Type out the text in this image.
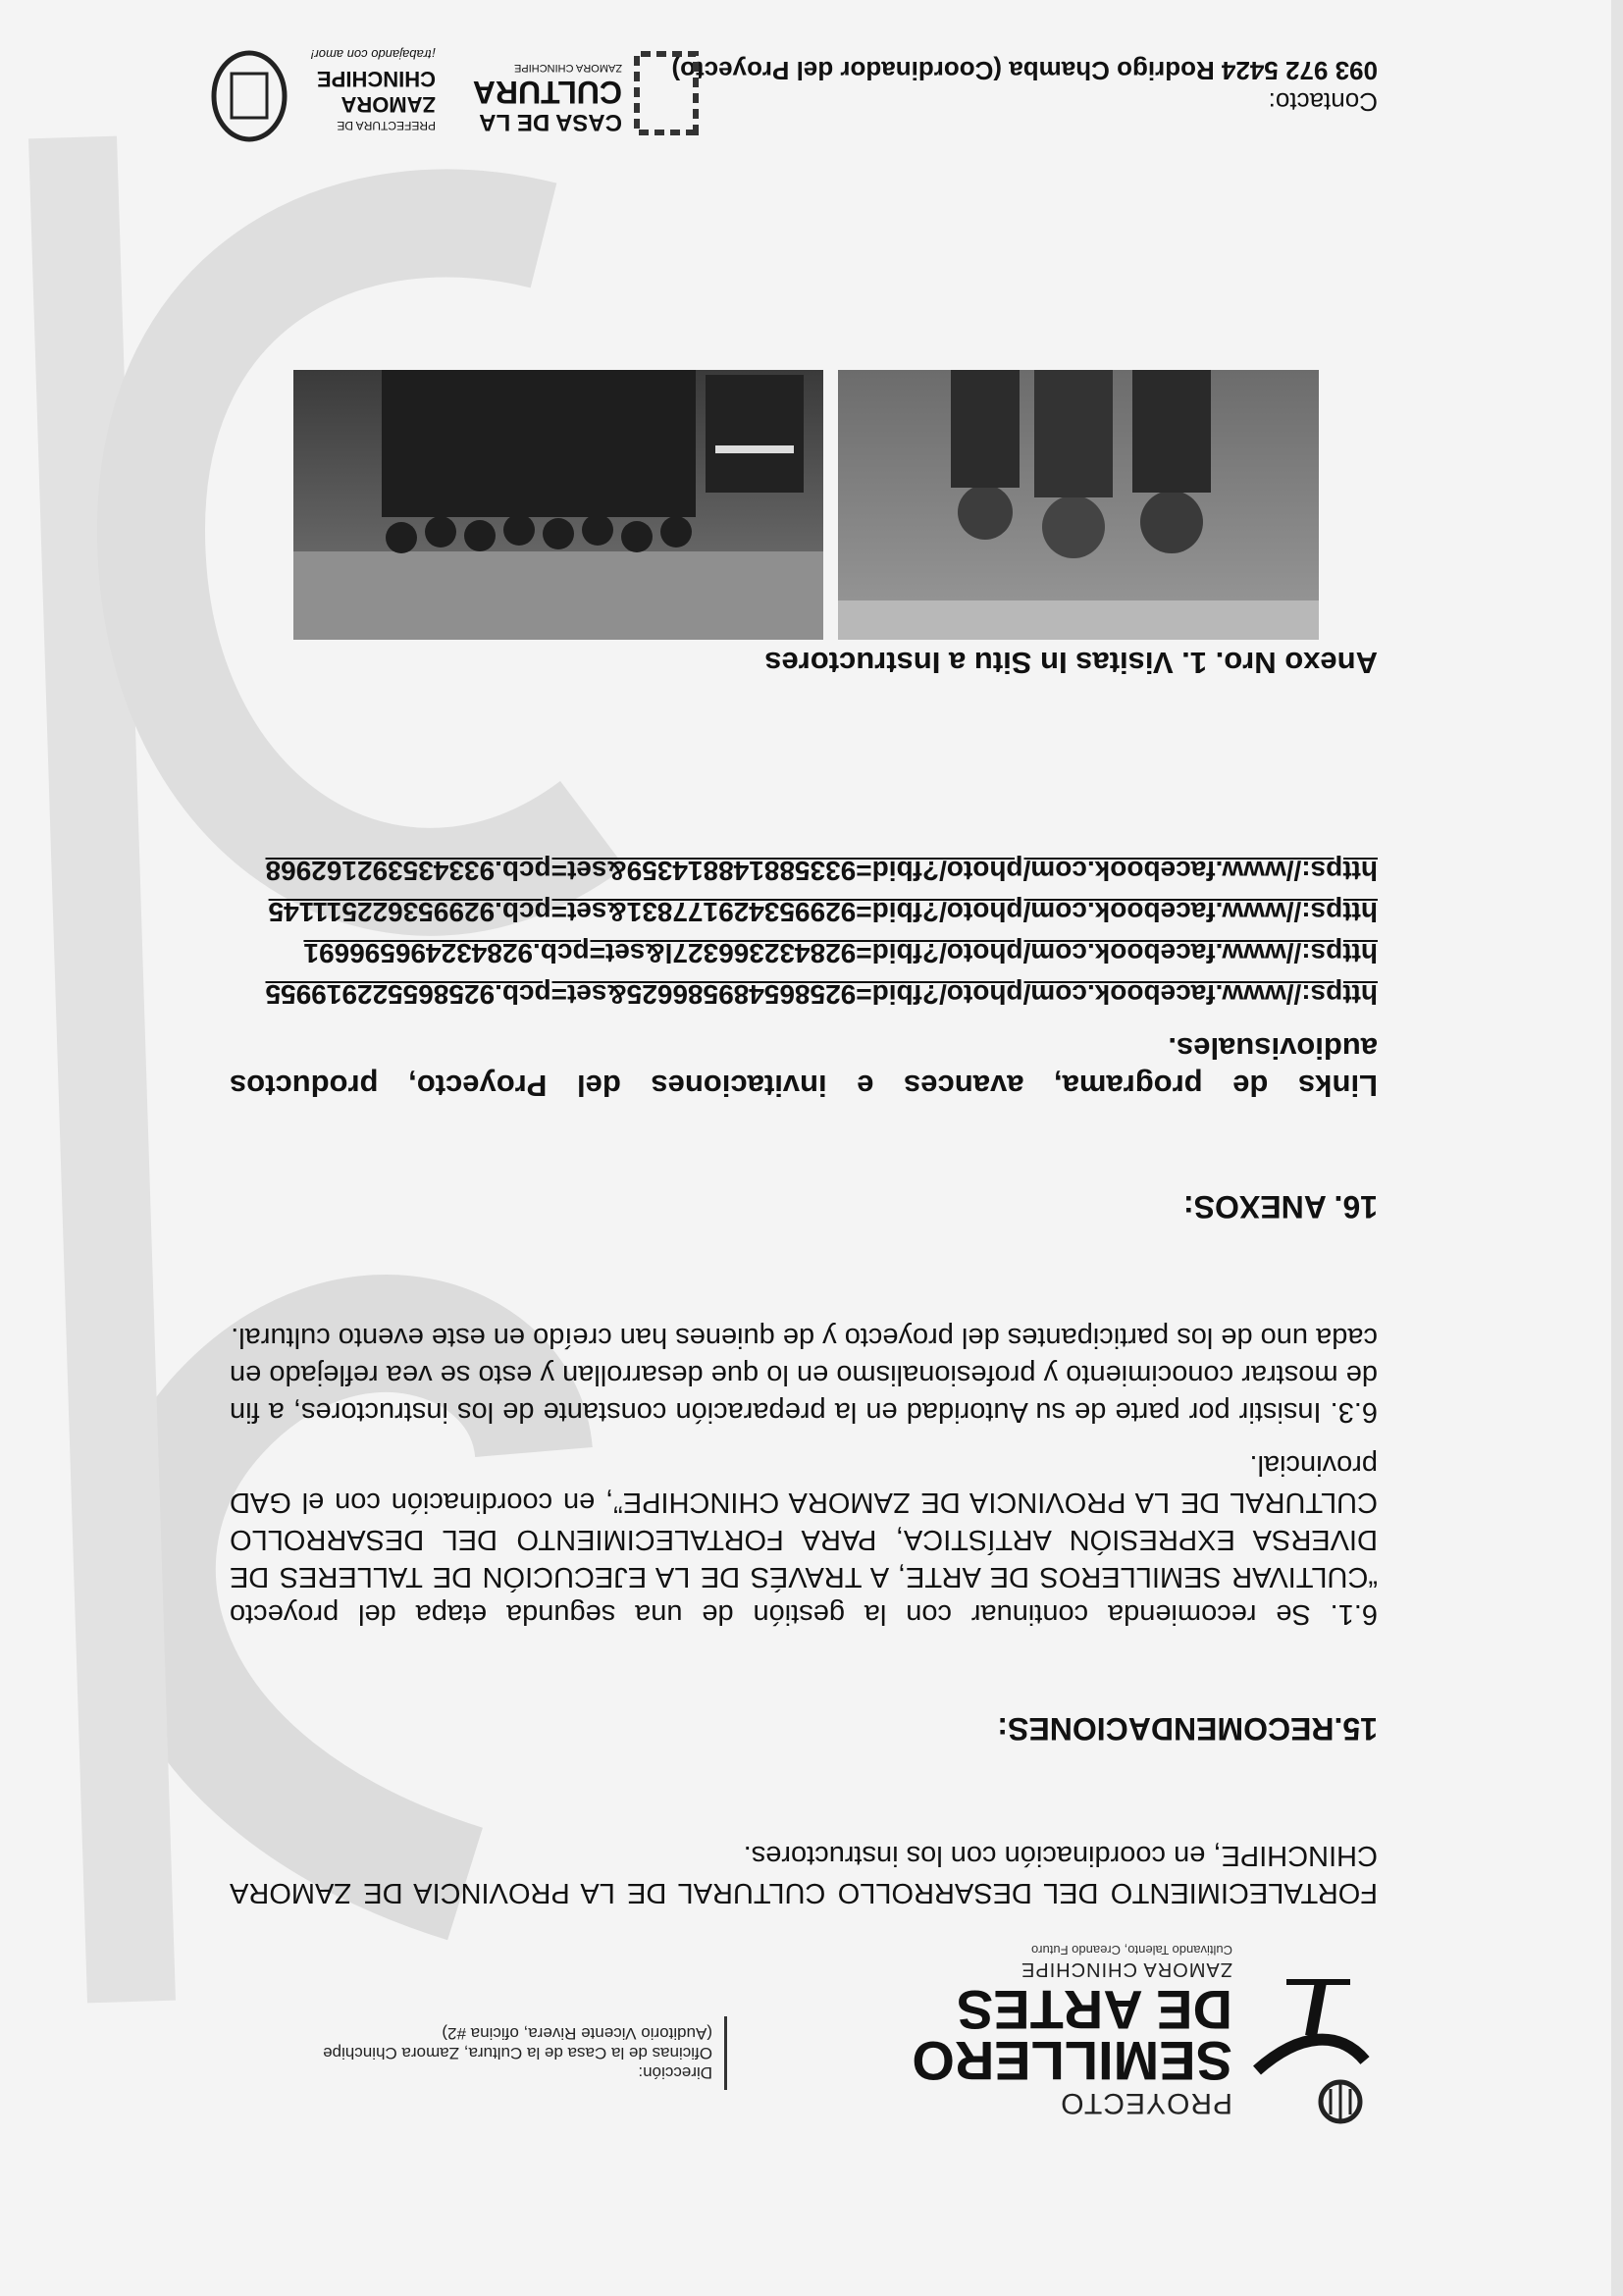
PROYECTO
SEMILLERO
DE ARTES
ZAMORA CHINCHIPE
Cultivando Talento, Creando Futuro
Dirección:
Oficinas de la Casa de la Cultura, Zamora Chinchipe
(Auditorio Vicente Rivera, oficina #2)

FORTALECIMIENTO DEL DESARROLLO CULTURAL DE LA PROVINCIA DE ZAMORA CHINCHIPE, en coordinación con los instructores.

15.RECOMENDACIONES:

6.1. Se recomienda continuar con la gestión de una segunda etapa del proyecto “CULTIVAR SEMILLEROS DE ARTE, A TRAVÉS DE LA EJECUCIÓN DE TALLERES DE DIVERSA EXPRESIÓN ARTÍSTICA, PARA FORTALECIMIENTO DEL DESARROLLO CULTURAL DE LA PROVINCIA DE ZAMORA CHINCHIPE”, en coordinación con el GAD provincial.

6.3. Insistir por parte de su Autoridad en la preparación constante de los instructores, a fin de mostrar conocimiento y profesionalismo en lo que desarrollan y esto se vea reflejado en cada uno de los participantes del proyecto y de quienes han creído en este evento cultural.

16. ANEXOS:

Links de programa, avances e invitaciones del Proyecto, productos audiovisuales.

https://www.facebook.com/photo/?fbid=925865489586625&set=pcb.925865522919955
https://www.facebook.com/photo/?fbid=928432366327l&set=pcb.928432496596691
https://www.facebook.com/photo/?fbid=929953429177831&set=pcb.929953622511145
https://www.facebook.com/photo/?fbid=933588148814359&set=pcb.933435392162968

Anexo Nro. 1. Visitas In Situ a Instructores

Contacto:
093 972 5424 Rodrigo Chamba (Coordinador del Proyecto)
CASA DE LA
CULTURA
ZAMORA CHINCHIPE
PREFECTURA DE
ZAMORA
CHINCHIPE
¡trabajando con amor!
